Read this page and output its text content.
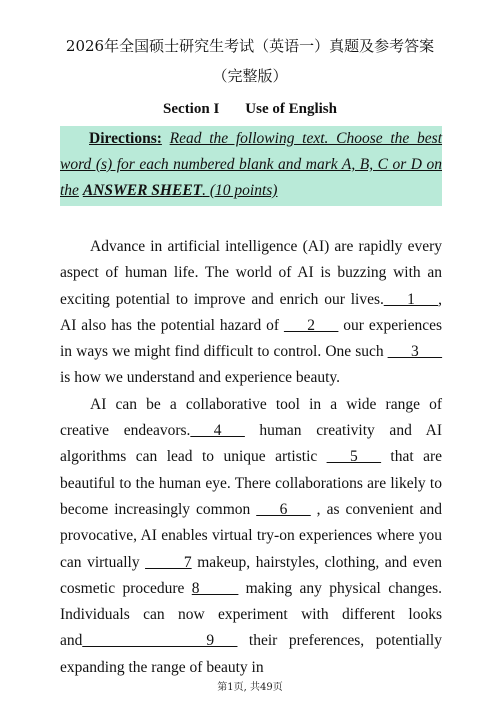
2026年全国硕士研究生考试（英语一）真题及参考答案
（完整版）
Section I Use of English
Directions: Read the following text. Choose the best word (s) for each numbered blank and mark A, B, C or D on the ANSWER SHEET. (10 points)

Advance in artificial intelligence (AI) are rapidly every aspect of human life. The world of AI is buzzing with an exciting potential to improve and enrich our lives.___1___, AI also has the potential hazard of ___2___ our experiences in ways we might find difficult to control. One such ___3___ is how we understand and experience beauty.

AI can be a collaborative tool in a wide range of creative endeavors.___4___ human creativity and AI algorithms can lead to unique artistic ___5___ that are beautiful to the human eye. There collaborations are likely to become increasingly common ___6___ , as convenient and provocative, AI enables virtual try-on experiences where you can virtually _____7 makeup, hairstyles, clothing, and even cosmetic procedure 8_____ making any physical changes. Individuals can now experiment with different looks and________________9___ their preferences, potentially expanding the range of beauty in

第1页, 共49页
